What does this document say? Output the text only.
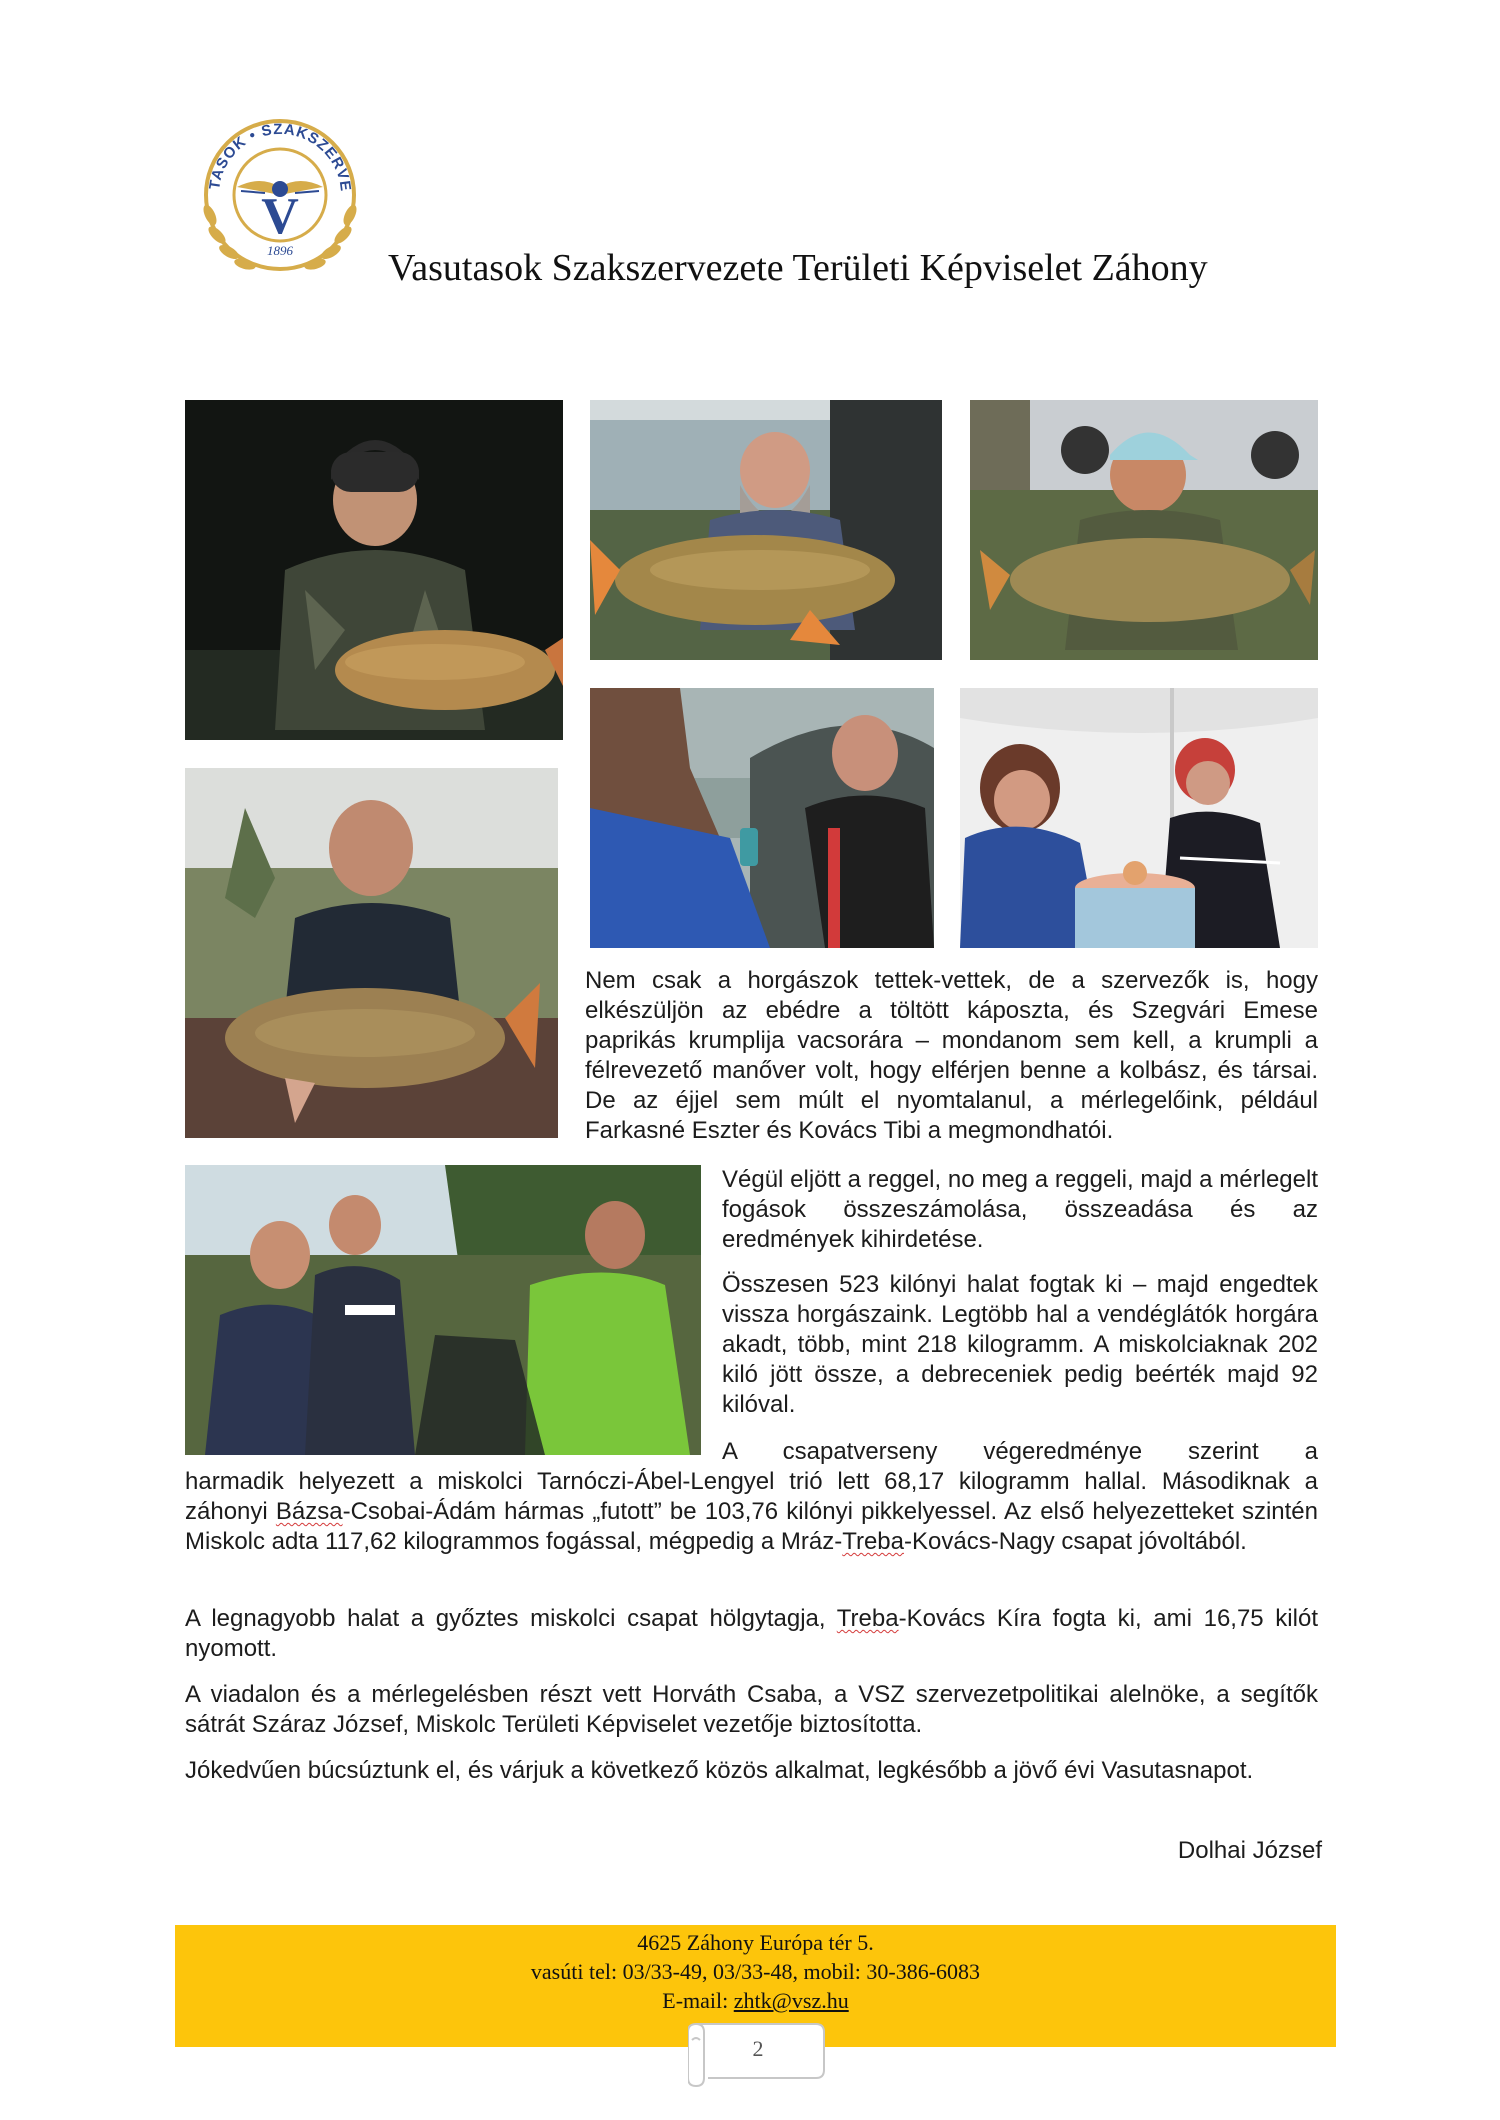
TASOK • SZAKSZERVE
V
1896	Vasutasok Szakszervezete Területi Képviselet Záhony

Nem csak a horgászok tettek-vettek, de a szervezők is, hogy elkészüljön az ebédre a töltött káposzta, és Szegvári Emese paprikás krumplija vacsorára – mondanom sem kell, a krumpli a félrevezető manőver volt, hogy elférjen benne a kolbász, és társai. De az éjjel sem múlt el nyomtalanul, a mérlegelőink, például Farkasné Eszter és Kovács Tibi a megmondhatói.

Végül eljött a reggel, no meg a reggeli, majd a mérlegelt fogások összeszámolása, összeadása és az eredmények kihirdetése.

Összesen 523 kilónyi halat fogtak ki – majd engedtek vissza horgászaink. Legtöbb hal a vendéglátók horgára akadt, több, mint 218 kilogramm. A miskolciaknak 202 kiló jött össze, a debreceniek pedig beérték majd 92 kilóval.

A csapatverseny végeredménye szerint a

harmadik helyezett a miskolci Tarnóczi-Ábel-Lengyel trió lett 68,17 kilogramm hallal. Másodiknak a záhonyi Bázsa-Csobai-Ádám hármas „futott” be 103,76 kilónyi pikkelyessel. Az első helyezetteket szintén Miskolc adta 117,62 kilogrammos fogással, mégpedig a Mráz-Treba-Kovács-Nagy csapat jóvoltából.

A legnagyobb halat a győztes miskolci csapat hölgytagja, Treba-Kovács Kíra fogta ki, ami 16,75 kilót nyomott.

A viadalon és a mérlegelésben részt vett Horváth Csaba, a VSZ szervezetpolitikai alelnöke, a segítők sátrát Száraz József, Miskolc Területi Képviselet vezetője biztosította.

Jókedvűen búcsúztunk el, és várjuk a következő közös alkalmat, legkésőbb a jövő évi Vasutasnapot.

Dolhai József
4625 Záhony Európa tér 5.
vasúti tel: 03/33-49, 03/33-48, mobil: 30-386-6083
E-mail: zhtk@vsz.hu
2
